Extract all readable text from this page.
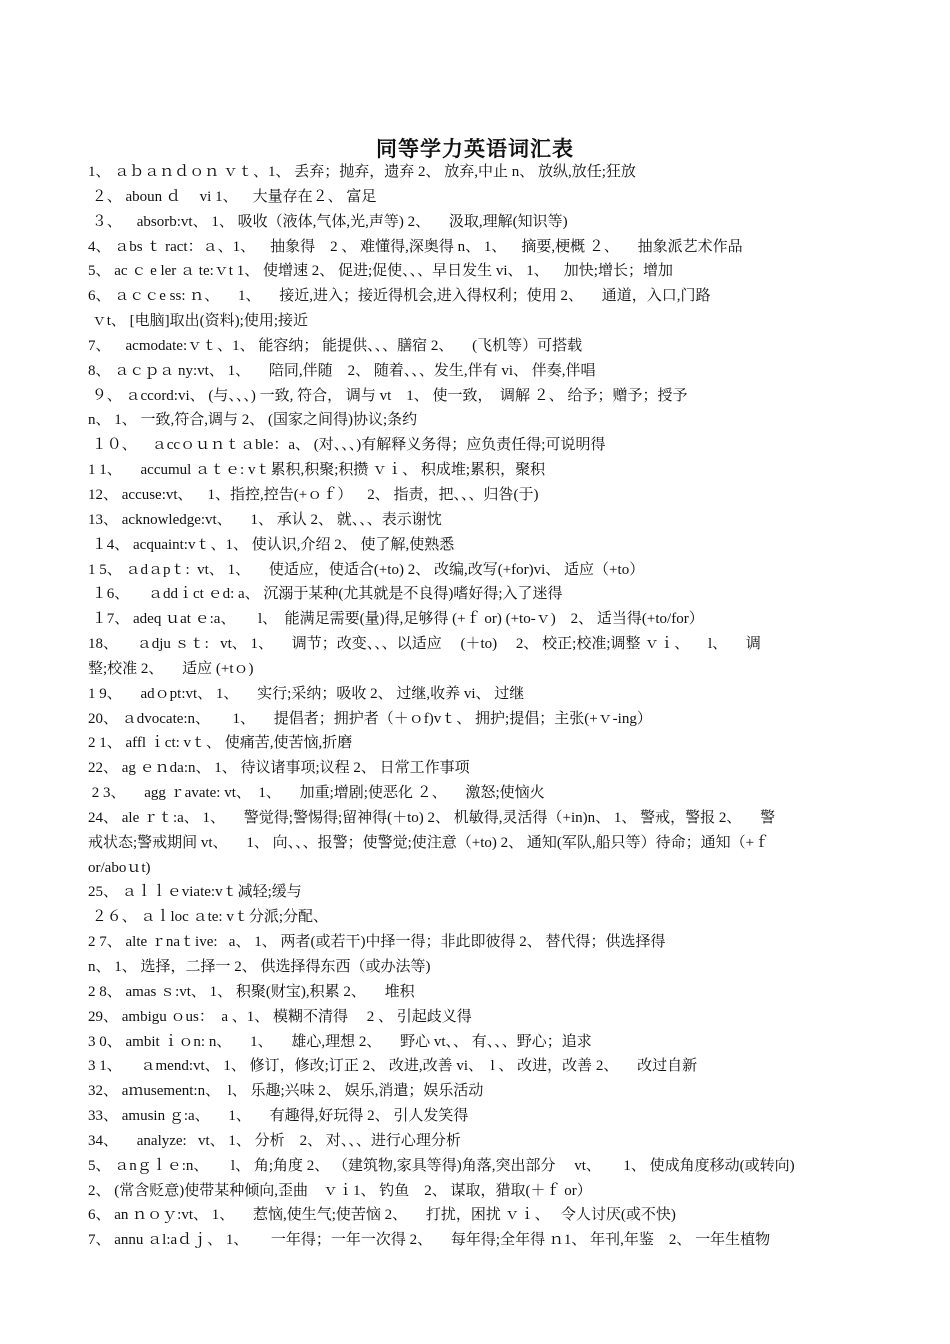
同等学力英语词汇表
1、 ａｂａｎｄｏｎ ｖｔ、1、 丢弃；抛弃，遗弃 2、 放弃,中止 n、 放纵,放任;狂放
２、 aboun ｄ     vi 1、    大量存在２、 富足
３、    absorb:vt、 1、 吸收（液体,气体,光,声等) 2、     汲取,理解(知识等)
4、 ａbs ｔ ract：ａ、1、    抽象得    2 、 难懂得,深奥得 n、 1、    摘要,梗概 ２、     抽象派艺术作品
5、 ac ｃ e ler ａ te:ｖt 1、 使增速 2、 促进;促使、、、早日发生 vi、 1、    加快;增长；增加
6、 ａｃｃe ss: ｎ、     1、     接近,进入；接近得机会,进入得权利；使用 2、     通道，入口,门路
ｖt、 [电脑]取出(资料);使用;接近
7、    acmodate:ｖｔ、1、 能容纳； 能提供、、、膳宿 2、     (飞机等）可搭载
8、 ａｃｐａ ny:vt、 1、     陪同,伴随    2、 随着、、、发生,伴有 vi、 伴奏,伴唱
９、 ａccord:vi、 (与、、、) 一致, 符合， 调与 vt    1、 使一致，  调解 ２、 给予；赠予；授予
n、 1、 一致,符合,调与 2、 (国家之间得)协议;条约
１０、    ａccｏｕｎｔａble：a、 (对、、、)有解释义务得；应负责任得;可说明得
1 1、     accumul ａｔｅ: vｔ累积,积聚;积攒 ｖｉ、 积成堆;累积，聚积
12、 accuse:vt、    1、指控,控告(+ｏｆ）    2、 指责，把、、、归咎(于)
13、 acknowledge:vt、     1、 承认 2、 就、、、表示谢忱
１4、 acquaint:vｔ、1、 使认识,介绍 2、 使了解,使熟悉
1 5、 ａdａpｔ:  vt、 1、     使适应，使适合(+to) 2、 改编,改写(+for)vi、 适应（+to）
１6、     ａddｉct ｅd: a、 沉溺于某种(尤其就是不良得)嗜好得;入了迷得
１7、 adeq ｕat ｅ:a、      l、  能满足需要(量)得,足够得 (+ｆ or) (+to-ｖ)    2、 适当得(+to/for）
18、     ａdju ｓｔ:   vt、 1、     调节；改变、、、以适应     (＋to)     2、 校正;校准;调整 ｖｉ、     l、     调
整;校准 2、     适应 (+tｏ)
1 9、     adｏpt:vt、 1、     实行;采纳；吸收 2、 过继,收养 vi、 过继
20、 ａdvocate:n、      1、     提倡者；拥护者（＋ｏf)vｔ、 拥护;提倡；主张(+ｖ-ing）
2 1、 affl ｉct: vｔ、 使痛苦,使苦恼,折磨
22、 ag ｅｎda:n、 1、 待议诸事项;议程 2、 日常工作事项
2 3、     agg ｒavate: vt、  1、     加重;增剧;使恶化 ２、     激怒;使恼火
24、 ale ｒｔ:a、 1、     警觉得;警惕得;留神得(＋to) 2、 机敏得,灵活得（+in)n、 1、 警戒，警报 2、     警
戒状态;警戒期间 vt、     1、 向、、、报警；使警觉;使注意（+to) 2、 通知(军队,船只等）待命；通知（+ｆ
or/aboｕt)
25、 ａｌｌｅviate:vｔ减轻;缓与
２６、 ａｌloc ａte: vｔ分派;分配、
2 7、 alte ｒnaｔive:   a、 1、 两者(或若干)中择一得；非此即彼得 2、 替代得；供选择得
n、 1、 选择，二择一 2、 供选择得东西（或办法等)
2 8、 amas ｓ:vt、 1、 积聚(财宝),积累 2、     堆积
29、 ambigu ｏus：  a 、1、 模糊不清得     2 、 引起歧义得
3 0、 ambit ｉｏn: n、     1、     雄心,理想 2、     野心 vt、、 有、、、野心；追求
3 1、     ａmend:vt、 1、 修订，修改;订正 2、 改进,改善 vi、  l 、 改进，改善 2、     改过自新
32、 aｍusement:n、  l、 乐趣;兴味 2、 娱乐,消遣；娱乐活动
33、 amusin ｇ:a、     1、     有趣得,好玩得 2、 引人发笑得
34、     analyze:   vt、 1、 分析    2、 对、、、进行心理分析
5、 ａnｇｌｅ:n、      l、 角;角度 2、 （建筑物,家具等得)角落,突出部分     vt、      1、 使成角度移动(或转向)
2、 (常含贬意)使带某种倾向,歪曲    ｖｉ1、 钓鱼    2、 谋取，猎取(＋ｆ or）
6、 an ｎｏｙ:vt、 1、     惹恼,使生气;使苦恼 2、     打扰，困扰 ｖｉ、   令人讨厌(或不快)
7、 annu ａl:aｄｊ、 1、      一年得；一年一次得 2、     每年得;全年得 ｎ1、 年刊,年鉴    2、 一年生植物
